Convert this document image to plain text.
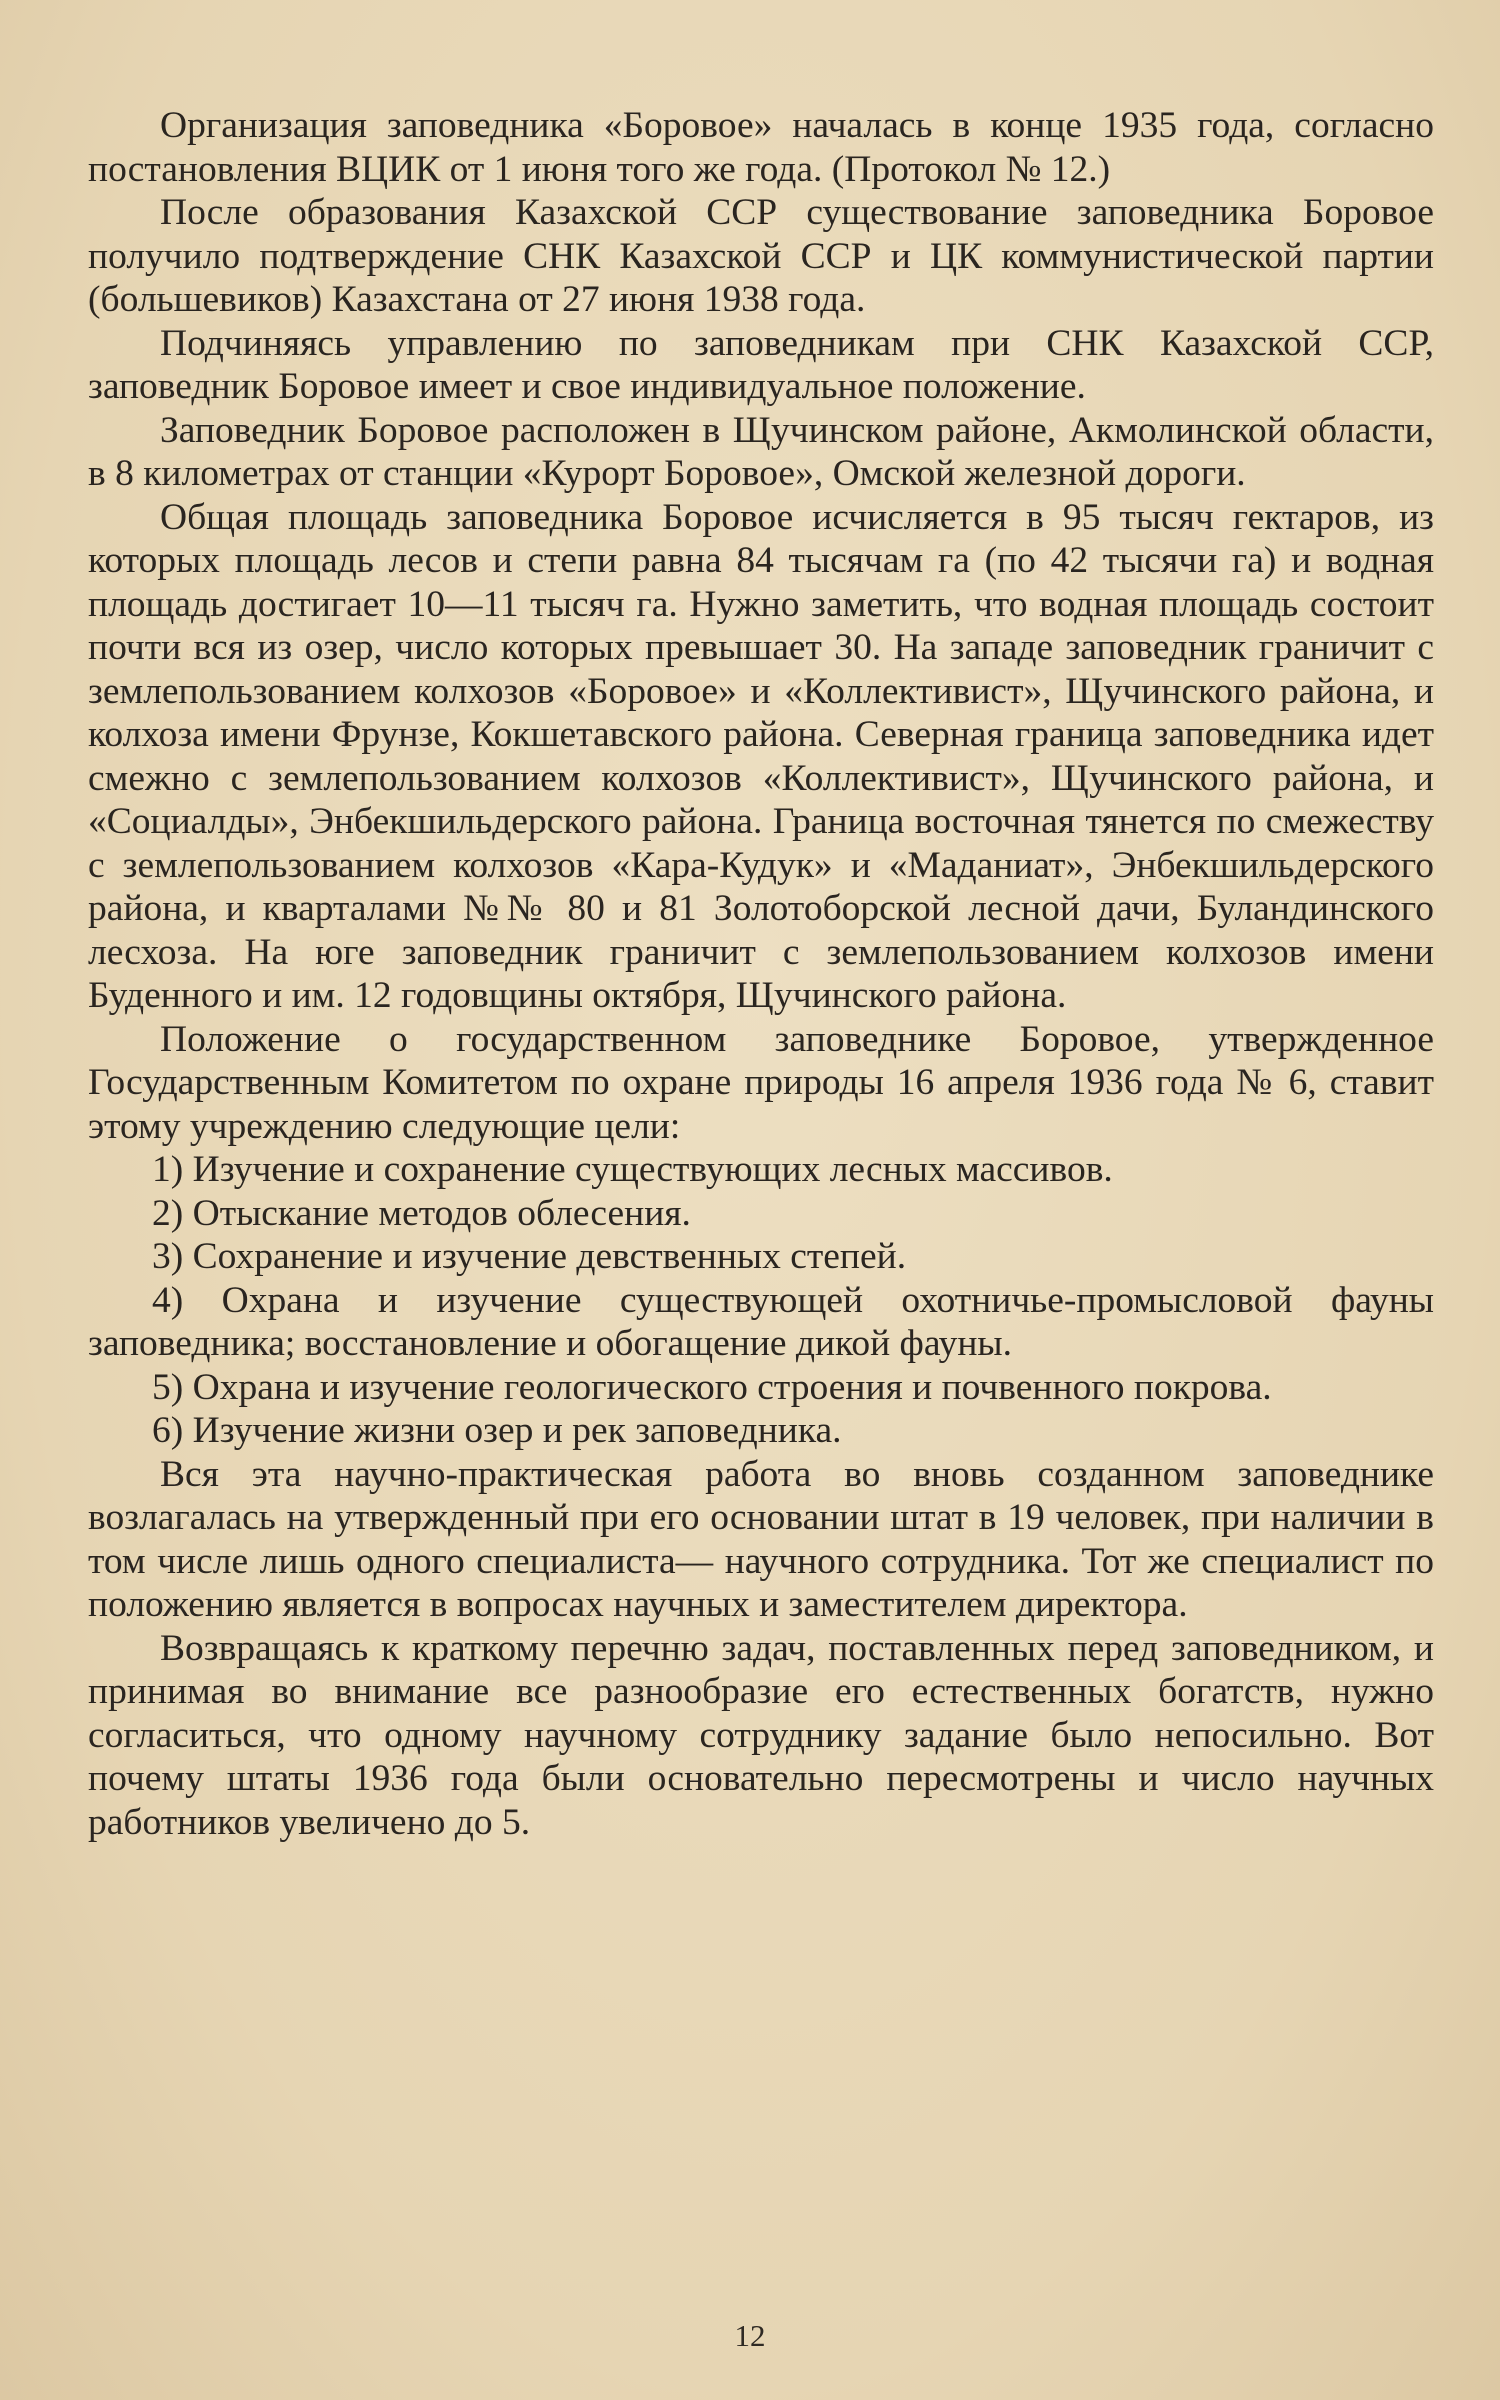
Организация заповедника «Боровое» началась в конце 1935 года, согласно постановления ВЦИК от 1 июня того же года. (Протокол № 12.)

После образования Казахской ССР существование заповедника Боровое получило подтверждение СНК Казахской ССР и ЦК коммунистической партии (большевиков) Казахстана от 27 июня 1938 года.

Подчиняясь управлению по заповедникам при СНК Казахской ССР, заповедник Боровое имеет и свое индивидуальное положение.

Заповедник Боровое расположен в Щучинском районе, Акмолинской области, в 8 километрах от станции «Курорт Боровое», Омской железной дороги.

Общая площадь заповедника Боровое исчисляется в 95 тысяч гектаров, из которых площадь лесов и степи равна 84 тысячам га (по 42 тысячи га) и водная площадь достигает 10—11 тысяч га. Нужно заметить, что водная площадь состоит почти вся из озер, число которых превышает 30. На западе заповедник граничит с землепользованием колхозов «Боровое» и «Коллективист», Щучинского района, и колхоза имени Фрунзе, Кокшетавского района. Северная граница заповедника идет смежно с землепользованием колхозов «Коллективист», Щучинского района, и «Социалды», Энбекшильдерского района. Граница восточная тянется по смежеству с землепользованием колхозов «Кара-Кудук» и «Маданиат», Энбекшильдерского района, и кварталами №№ 80 и 81 Золотоборской лесной дачи, Буландинского лесхоза. На юге заповедник граничит с землепользованием колхозов имени Буденного и им. 12 годовщины октября, Щучинского района.

Положение о государственном заповеднике Боровое, утвержденное Государственным Комитетом по охране природы 16 апреля 1936 года № 6, ставит этому учреждению следующие цели:

1) Изучение и сохранение существующих лесных массивов.

2) Отыскание методов облесения.

3) Сохранение и изучение девственных степей.

4) Охрана и изучение существующей охотничье-промысловой фауны заповедника; восстановление и обогащение дикой фауны.

5) Охрана и изучение геологического строения и почвенного покрова.

6) Изучение жизни озер и рек заповедника.

Вся эта научно-практическая работа во вновь созданном заповеднике возлагалась на утвержденный при его основании штат в 19 человек, при наличии в том числе лишь одного специалиста— научного сотрудника. Тот же специалист по положению является в вопросах научных и заместителем директора.

Возвращаясь к краткому перечню задач, поставленных перед заповедником, и принимая во внимание все разнообразие его естественных богатств, нужно согласиться, что одному научному сотруднику задание было непосильно. Вот почему штаты 1936 года были основательно пересмотрены и число научных работников увеличено до 5.

12
